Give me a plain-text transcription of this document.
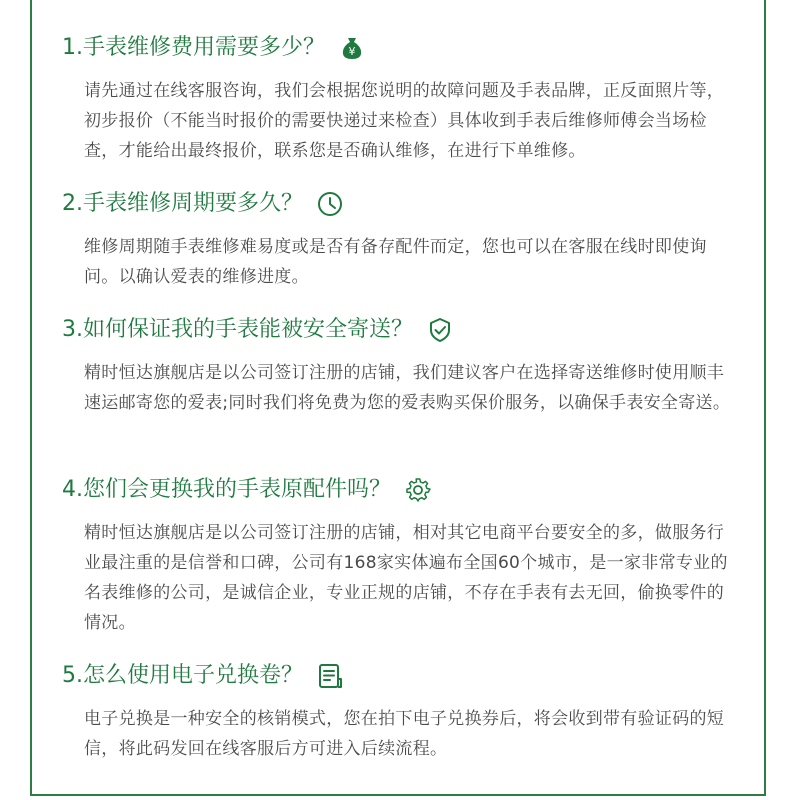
1.手表维修费用需要多少？ ¥
请先通过在线客服咨询，我们会根据您说明的故障问题及手表品牌，正反面照片等，初步报价（不能当时报价的需要快递过来检查）具体收到手表后维修师傅会当场检查，才能给出最终报价，联系您是否确认维修，在进行下单维修。
2.手表维修周期要多久？
维修周期随手表维修难易度或是否有备存配件而定，您也可以在客服在线时即使询问。以确认爱表的维修进度。
3.如何保证我的手表能被安全寄送？
精时恒达旗舰店是以公司签订注册的店铺，我们建议客户在选择寄送维修时使用顺丰速运邮寄您的爱表;同时我们将免费为您的爱表购买保价服务，以确保手表安全寄送。
4.您们会更换我的手表原配件吗？
精时恒达旗舰店是以公司签订注册的店铺，相对其它电商平台要安全的多，做服务行业最注重的是信誉和口碑，公司有168家实体遍布全国60个城市，是一家非常专业的名表维修的公司，是诚信企业，专业正规的店铺，不存在手表有去无回，偷换零件的情况。
5.怎么使用电子兑换卷？
电子兑换是一种安全的核销模式，您在拍下电子兑换券后，将会收到带有验证码的短信，将此码发回在线客服后方可进入后续流程。
